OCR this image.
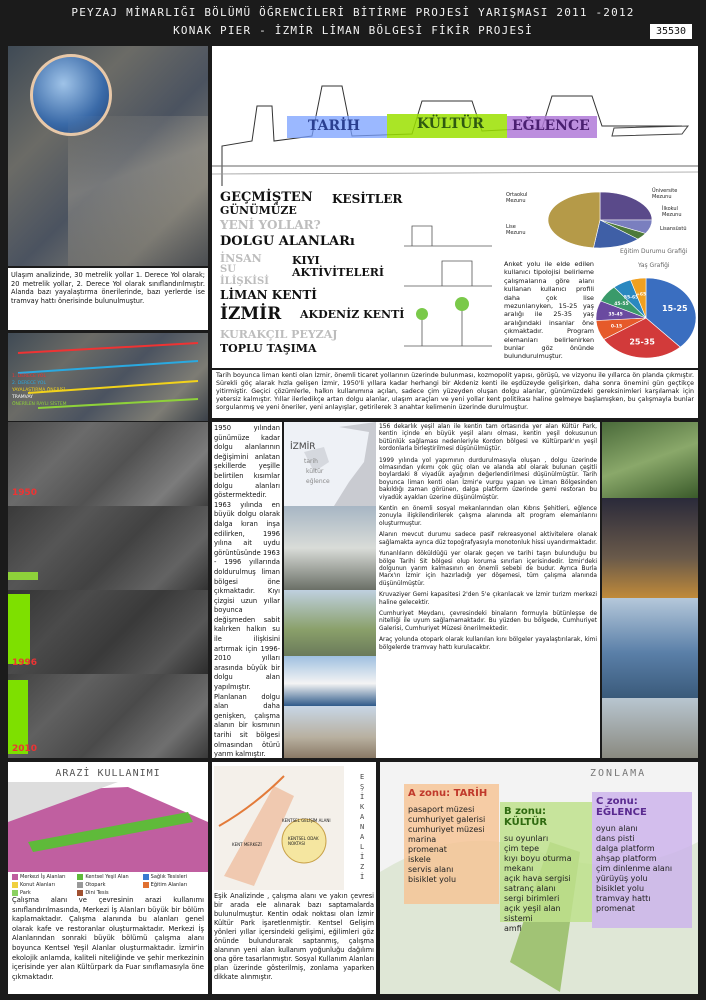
PEYZAJ MİMARLIĞI BÖLÜMÜ ÖĞRENCİLERİ BİTİRME PROJESİ YARIŞMASI 2011 -2012
KONAK PIER - İZMİR LİMAN BÖLGESİ FİKİR PROJESİ	35530
Ulaşım analizinde, 30 metrelik yollar 1. Derece Yol olarak; 20 metrelik yollar, 2. Derece Yol olarak sınıflandırılmıştır. Alanda bazı yayalaştırma önerilerinde, bazı yerlerde ise tramvay hattı önerisinde bulunulmuştur.
1. DERECE YOL
2. DERECE YOL
YAYALAŞTIRMA ÖNERİSİ
TRAMVAY
ÖNERİLEN RAYLI SİSTEM
TARİH	KÜLTÜR EĞLENCE
GEÇMİŞTEN KESİTLER
GÜNÜMÜZE
YENİ YOLLAR?
DOLGU ALANLARı
İNSAN
SU
İLİŞKİSİ
KIYI
AKTİVİTELERİ
LİMAN KENTİ
İZMİR AKDENİZ KENTİ
KURAKÇIL PEYZAJ
TOPLU TAŞIMA
Üniversite Mezunu
İlkokul Mezunu
Lisansüstü
Ortaokul Mezunu
Lise Mezunu
Eğitim Durumu Grafiği
Anket yolu ile elde edilen kullanıcı tipolojisi belirleme çalışmalarına göre alanı kullanan kullanıcı profili daha çok lise mezunlarıyken, 15-25 yaş aralığı ile 25-35 yaş aralığındaki insanlar öne çıkmaktadır. Program elemanları belirlenirken bunlar göz önünde bulundurulmuştur.
Yaş Grafiği
15-25
25-35
0-15
35-45
45-55
55-65
+65
Tarih boyunca liman kenti olan İzmir, önemli ticaret yollarının üzerinde bulunması, kozmopolit yapısı, görüşü, ve vizyonu ile yıllarca ön planda çıkmıştır. Sürekli göç alarak hızla gelişen İzmir, 1950'li yıllara kadar herhangi bir Akdeniz kenti ile eşdüzeyde gelişirken, daha sonra önemini gün geçtikçe yitirmiştir. Geçici çözümlerle, halkın kullanımına açılan, sadece çim yüzeyden oluşan dolgu alanlar, günümüzdeki gereksinimleri karşılamak için yetersiz kalmıştır. Yıllar ilerledikçe artan dolgu alanlar, ulaşım araçları ve yeni yollar kent politikası haline gelmeye başlamışken, bu çalışmayla bunlar sorgulanmış ve yeni öneriler, yeni anlayışlar, getirilerek 3 anahtar kelimenin üzerinde durulmuştur.
1950
1996
2010
1950 yılından günümüze kadar dolgu alanlarının değişimini anlatan şekillerde yeşille belirtilen kısımlar dolgu alanları göstermektedir. 1963 yılında en büyük dolgu olarak dalga kıran inşa edilirken, 1996 yılına ait uydu görüntüsünde 1963 - 1996 yıllarında doldurulmuş liman bölgesi öne çıkmaktadır. Kıyı çizgisi uzun yıllar boyunca değişmeden sabit kalırken halkın su ile ilişkisini artırmak için 1996-2010 yılları arasında büyük bir dolgu alan yapılmıştır. Planlanan dolgu alan daha genişken, çalışma alanın bir kısmının tarihi sit bölgesi olmasından ötürü yarım kalmıştır.
İZMİR
tarih
kültür
eğlence
156 dekarlık yeşil alan ile kentin tam ortasında yer alan Kültür Park, kentin içinde en büyük yeşil alanı olması, kentin yeşil dokusunun bütünlük sağlaması nedenleriyle Kordon bölgesi ve Kültürpark'ın yeşil kordonlarla birleştirilmesi düşünülmüştür.
1999 yılında yol yapımının durdurulmasıyla oluşan , dolgu üzerinde olmasından yıkımı çok güç olan ve alanda atıl olarak bulunan çeşitli boylardaki 8 viyadük ayağının değerlendirilmesi düşünülmüştür. Tarih boyunca liman kenti olan İzmir'e vurgu yapan ve Liman Bölgesinden bakıldığı zaman görünen, dalga platform üzerinde gemi restoran bu viyadük ayakları üzerine düşünülmüştür.
Kentin en önemli sosyal mekanlarından olan Kıbrıs Şehitleri, eğlence zonuyla ilişkilendirilerek çalışma alanında alt program elemanlarını oluşturmuştur.
Alanın mevcut durumu sadece pasif rekreasyonel aktivitelere olanak sağlamakta ayrıca düz topoğrafyasıyla monotonluk hissi uyandırmaktadır.
Yunanlıların döküldüğü yer olarak geçen ve tarihi taşın bulunduğu bu bölge Tarihi Sit bölgesi olup koruma sınırları içerisindedir. İzmir'deki dolgunun yarım kalmasının en önemli sebebi de budur. Ayrıca Burla Marx'ın İzmir için hazırladığı yer döşemesi, tüm çalışma alanında düşünülmüştür.
Kruvaziyer Gemi kapasitesi 2'den 5'e çıkarılacak ve İzmir turizm merkezi haline gelecektir.
Cumhuriyet Meydanı, çevresindeki binaların formuyla bütünleşse de nitelliği ile uyum sağlamamaktadır. Bu yüzden bu bölgede, Cumhuriyet Galerisi, Cumhuriyet Müzesi önerilmektedir.
Araç yolunda otopark olarak kullanılan kını bölgeler yayalaştırılarak, kimi bölgelerde tramvay hattı kurulacaktır.
ARAZİ KULLANIMI
Merkezi İş Alanları	Kentsel Yeşil Alan	Sağlık Tesisleri
Konut Alanları	Otopark	Eğitim Alanları
Park	Dini Tesis
Çalışma alanı ve çevresinin arazi kullanımı sınıflandırılmasında, Merkezi İş Alanları büyük bir bölüm kaplamaktadır. Çalışma alanında bu alanları genel olarak kafe ve restoranlar oluşturmaktadır. Merkezi İş Alanlarından sonraki büyük bölümü çalışma alanı boyunca Kentsel Yeşil Alanlar oluşturmaktadır. İzmir'in ekolojik anlamda, kaliteli niteliğinde ve şehir merkezinin içerisinde yer alan Kültürpark da Fuar sınıflamasıyla öne çıkmaktadır.
KENTSEL GELİŞİM ALANI
KENTSEL ODAK NOKTASI
KENT MERKEZİ
EŞİK ANALİZİ
Eşik Analizinde , çalışma alanı ve yakın çevresi bir arada ele alınarak bazı saptamalarda bulunulmuştur. Kentin odak noktası olan İzmir Kültür Park işaretlenmiştir. Kentsel Gelişim yönleri yıllar içersindeki gelişimi, eğilimleri göz önünde bulundurarak saptanmış, çalışma alanının yeni alan kullanım yoğunluğu dağılımı ona göre tasarlanmıştır. Sosyal Kullanım Alanları plan üzerinde gösterilmiş, zonlama yaparken dikkate alınmıştır.
ZONLAMA
A zonu: TARİH
pasaport müzesi
cumhuriyet galerisi
cumhuriyet müzesi
marina
promenat
iskele
servis alanı
bisiklet yolu
B zonu: KÜLTÜR
su oyunları
çim tepe
kıyı boyu oturma mekanı
açık hava sergisi
satranç alanı
sergi birimleri
açık yeşil alan sistemi
amfi
C zonu: EĞLENCE
oyun alanı
dans pisti
dalga platform
ahşap platform
çim dinlenme alanı
yürüyüş yolu
bisiklet yolu
tramvay hattı
promenat
